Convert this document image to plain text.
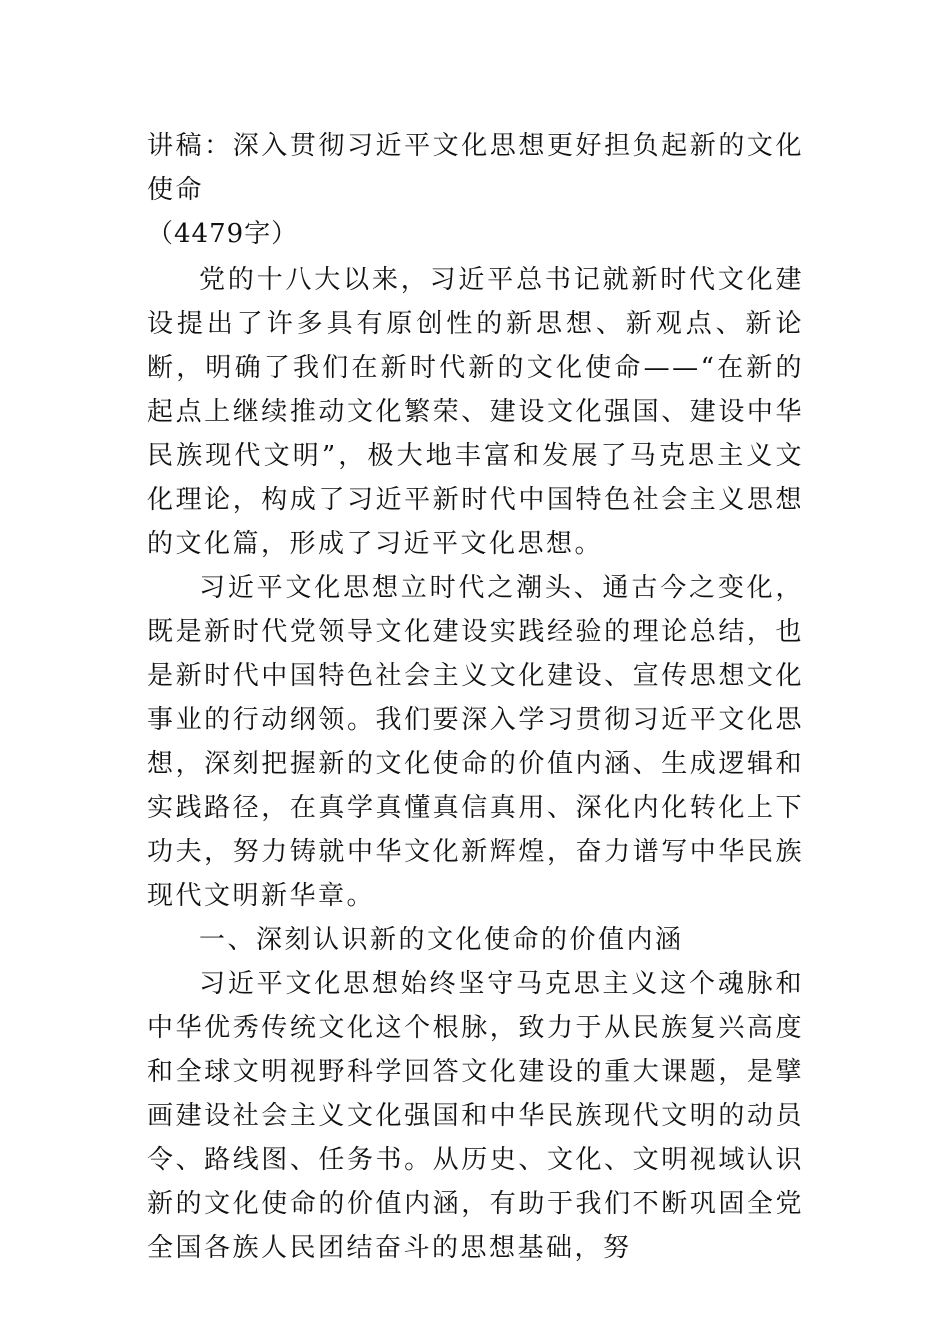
讲稿：深入贯彻习近平文化思想更好担负起新的文化使命
（4479字）

党的十八大以来，习近平总书记就新时代文化建设提出了许多具有原创性的新思想、新观点、新论断，明确了我们在新时代新的文化使命——“在新的起点上继续推动文化繁荣、建设文化强国、建设中华民族现代文明”，极大地丰富和发展了马克思主义文化理论，构成了习近平新时代中国特色社会主义思想的文化篇，形成了习近平文化思想。

习近平文化思想立时代之潮头、通古今之变化，既是新时代党领导文化建设实践经验的理论总结，也是新时代中国特色社会主义文化建设、宣传思想文化事业的行动纲领。我们要深入学习贯彻习近平文化思想，深刻把握新的文化使命的价值内涵、生成逻辑和实践路径，在真学真懂真信真用、深化内化转化上下功夫，努力铸就中华文化新辉煌，奋力谱写中华民族现代文明新华章。

一、深刻认识新的文化使命的价值内涵

习近平文化思想始终坚守马克思主义这个魂脉和中华优秀传统文化这个根脉，致力于从民族复兴高度和全球文明视野科学回答文化建设的重大课题，是擘画建设社会主义文化强国和中华民族现代文明的动员令、路线图、任务书。从历史、文化、文明视域认识新的文化使命的价值内涵，有助于我们不断巩固全党全国各族人民团结奋斗的思想基础，努
